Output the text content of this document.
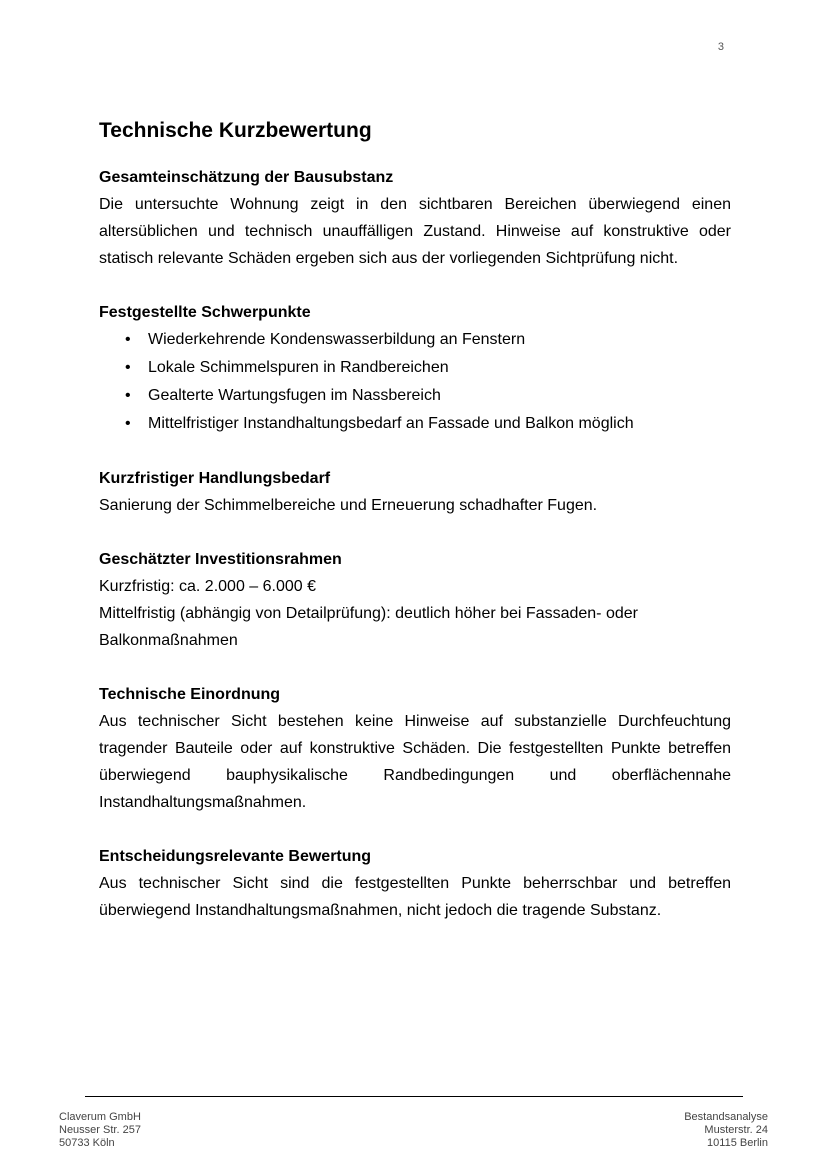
3
Technische Kurzbewertung
Gesamteinschätzung der Bausubstanz

Die untersuchte Wohnung zeigt in den sichtbaren Bereichen überwiegend einen altersüblichen und technisch unauffälligen Zustand. Hinweise auf konstruktive oder statisch relevante Schäden ergeben sich aus der vorliegenden Sichtprüfung nicht.

Festgestellte Schwerpunkte
• Wiederkehrende Kondenswasserbildung an Fenstern
• Lokale Schimmelspuren in Randbereichen
• Gealterte Wartungsfugen im Nassbereich
• Mittelfristiger Instandhaltungsbedarf an Fassade und Balkon möglich
Kurzfristiger Handlungsbedarf

Sanierung der Schimmelbereiche und Erneuerung schadhafter Fugen.

Geschätzter Investitionsrahmen

Kurzfristig: ca. 2.000 – 6.000 €

Mittelfristig (abhängig von Detailprüfung): deutlich höher bei Fassaden- oder Balkonmaßnahmen

Technische Einordnung

Aus technischer Sicht bestehen keine Hinweise auf substanzielle Durchfeuchtung tragender Bauteile oder auf konstruktive Schäden. Die festgestellten Punkte betreffen überwiegend bauphysikalische Randbedingungen und oberflächennahe Instandhaltungsmaßnahmen.

Entscheidungsrelevante Bewertung

Aus technischer Sicht sind die festgestellten Punkte beherrschbar und betreffen überwiegend Instandhaltungsmaßnahmen, nicht jedoch die tragende Substanz.

Claverum GmbH
Neusser Str. 257
50733 Köln
Bestandsanalyse
Musterstr. 24
10115 Berlin
